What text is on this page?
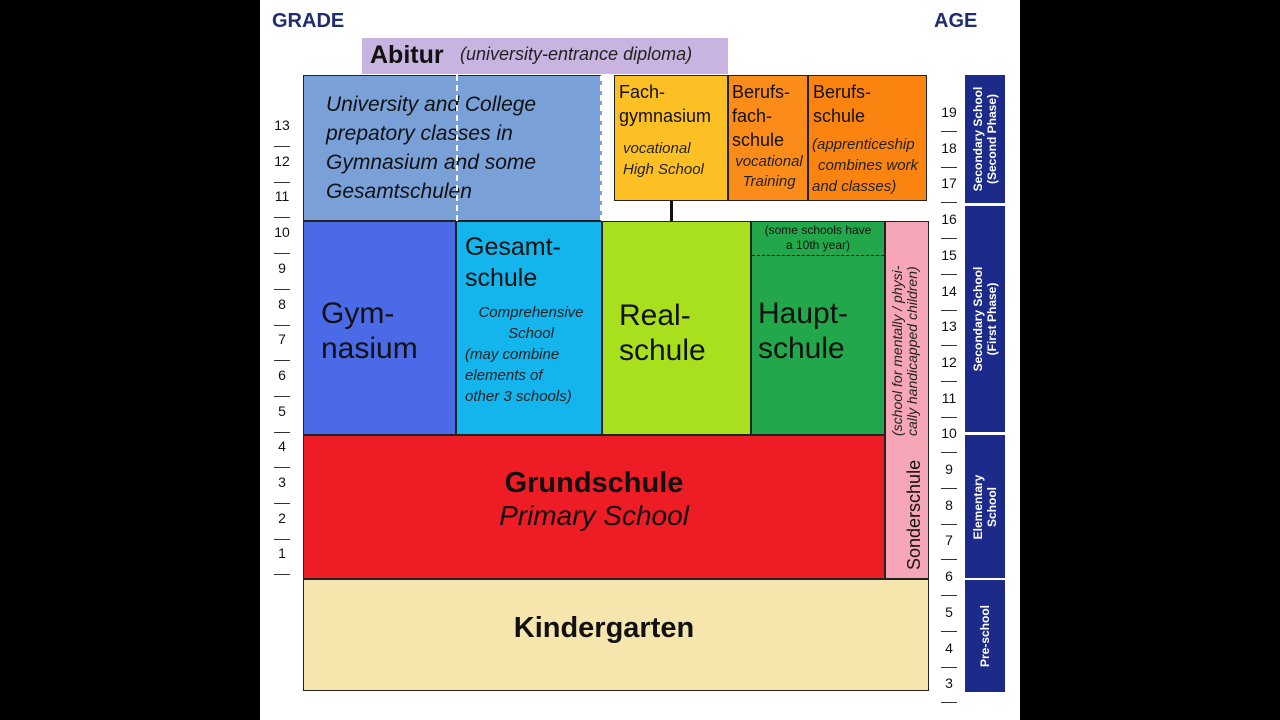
GRADE	AGE
Abitur (university-entrance diploma)
University and College
prepatory classes in
Gymnasium and some
Gesamtschulen
Fach-
gymnasium
vocational
High School
Berufs-
fach-
schule
vocational
Training
Berufs-
schule
(apprenticeship
combines work
and classes)
Gym-
nasium
Gesamt-
schule
Comprehensive
School
(may combine
elements of
other 3 schools)
Real-
schule
(some schools have
a 10th year)
Haupt-
schule
Sonderschule
(school for mentally / physi- cally handicapped children)
Grundschule
Primary School
Kindergarten
13
12
11
10
9
8
7
6
5
4
3
2
1
19
18
17
16
15
14
13
12
11
10
9
8
7
6
5
4
3
Secondary School (Second Phase)
Secondary School (First Phase)
Elementary School
Pre-school
